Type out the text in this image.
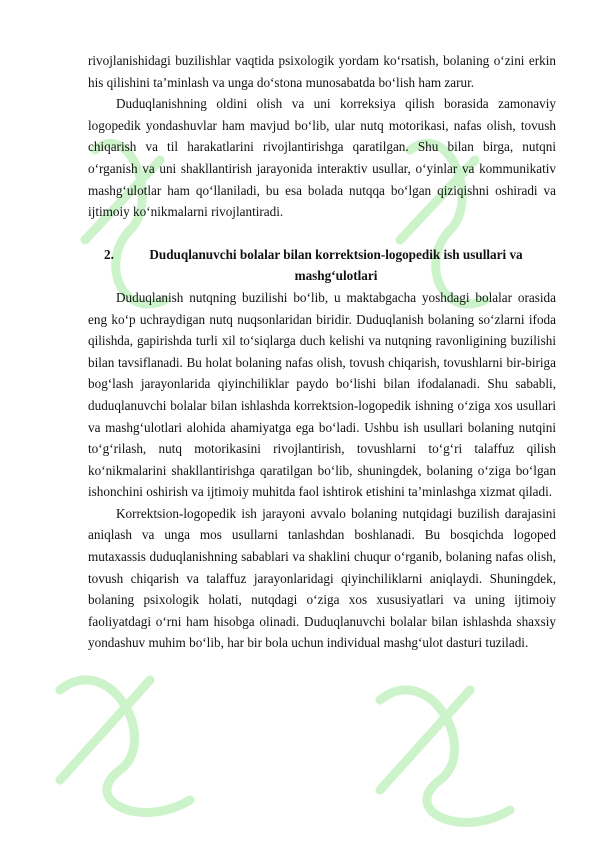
rivojlanishidagi buzilishlar vaqtida psixologik yordam koʻrsatish, bolaning oʻzini erkin his qilishini ta’minlash va unga doʻstona munosabatda boʻlish ham zarur.

Duduqlanishning oldini olish va uni korreksiya qilish borasida zamonaviy logopedik yondashuvlar ham mavjud boʻlib, ular nutq motorikasi, nafas olish, tovush chiqarish va til harakatlarini rivojlantirishga qaratilgan. Shu bilan birga, nutqni oʻrganish va uni shakllantirish jarayonida interaktiv usullar, oʻyinlar va kommunikativ mashgʻulotlar ham qoʻllaniladi, bu esa bolada nutqqa boʻlgan qiziqishni oshiradi va ijtimoiy koʻnikmalarni rivojlantiradi.

2.	Duduqlanuvchi bolalar bilan korrektsion-logopedik ish usullari va mashgʻulotlari

Duduqlanish nutqning buzilishi boʻlib, u maktabgacha yoshdagi bolalar orasida eng koʻp uchraydigan nutq nuqsonlaridan biridir. Duduqlanish bolaning soʻzlarni ifoda qilishda, gapirishda turli xil toʻsiqlarga duch kelishi va nutqning ravonligining buzilishi bilan tavsiflanadi. Bu holat bolaning nafas olish, tovush chiqarish, tovushlarni bir-biriga bogʻlash jarayonlarida qiyinchiliklar paydo boʻlishi bilan ifodalanadi. Shu sababli, duduqlanuvchi bolalar bilan ishlashda korrektsion-logopedik ishning oʻziga xos usullari va mashgʻulotlari alohida ahamiyatga ega boʻladi. Ushbu ish usullari bolaning nutqini toʻgʻrilash, nutq motorikasini rivojlantirish, tovushlarni toʻgʻri talaffuz qilish koʻnikmalarini shakllantirishga qaratilgan boʻlib, shuningdek, bolaning oʻziga boʻlgan ishonchini oshirish va ijtimoiy muhitda faol ishtirok etishini ta’minlashga xizmat qiladi.

Korrektsion-logopedik ish jarayoni avvalo bolaning nutqidagi buzilish darajasini aniqlash va unga mos usullarni tanlashdan boshlanadi. Bu bosqichda logoped mutaxassis duduqlanishning sabablari va shaklini chuqur oʻrganib, bolaning nafas olish, tovush chiqarish va talaffuz jarayonlaridagi qiyinchiliklarni aniqlaydi. Shuningdek, bolaning psixologik holati, nutqdagi oʻziga xos xususiyatlari va uning ijtimoiy faoliyatdagi oʻrni ham hisobga olinadi. Duduqlanuvchi bolalar bilan ishlashda shaxsiy yondashuv muhim boʻlib, har bir bola uchun individual mashgʻulot dasturi tuziladi.
